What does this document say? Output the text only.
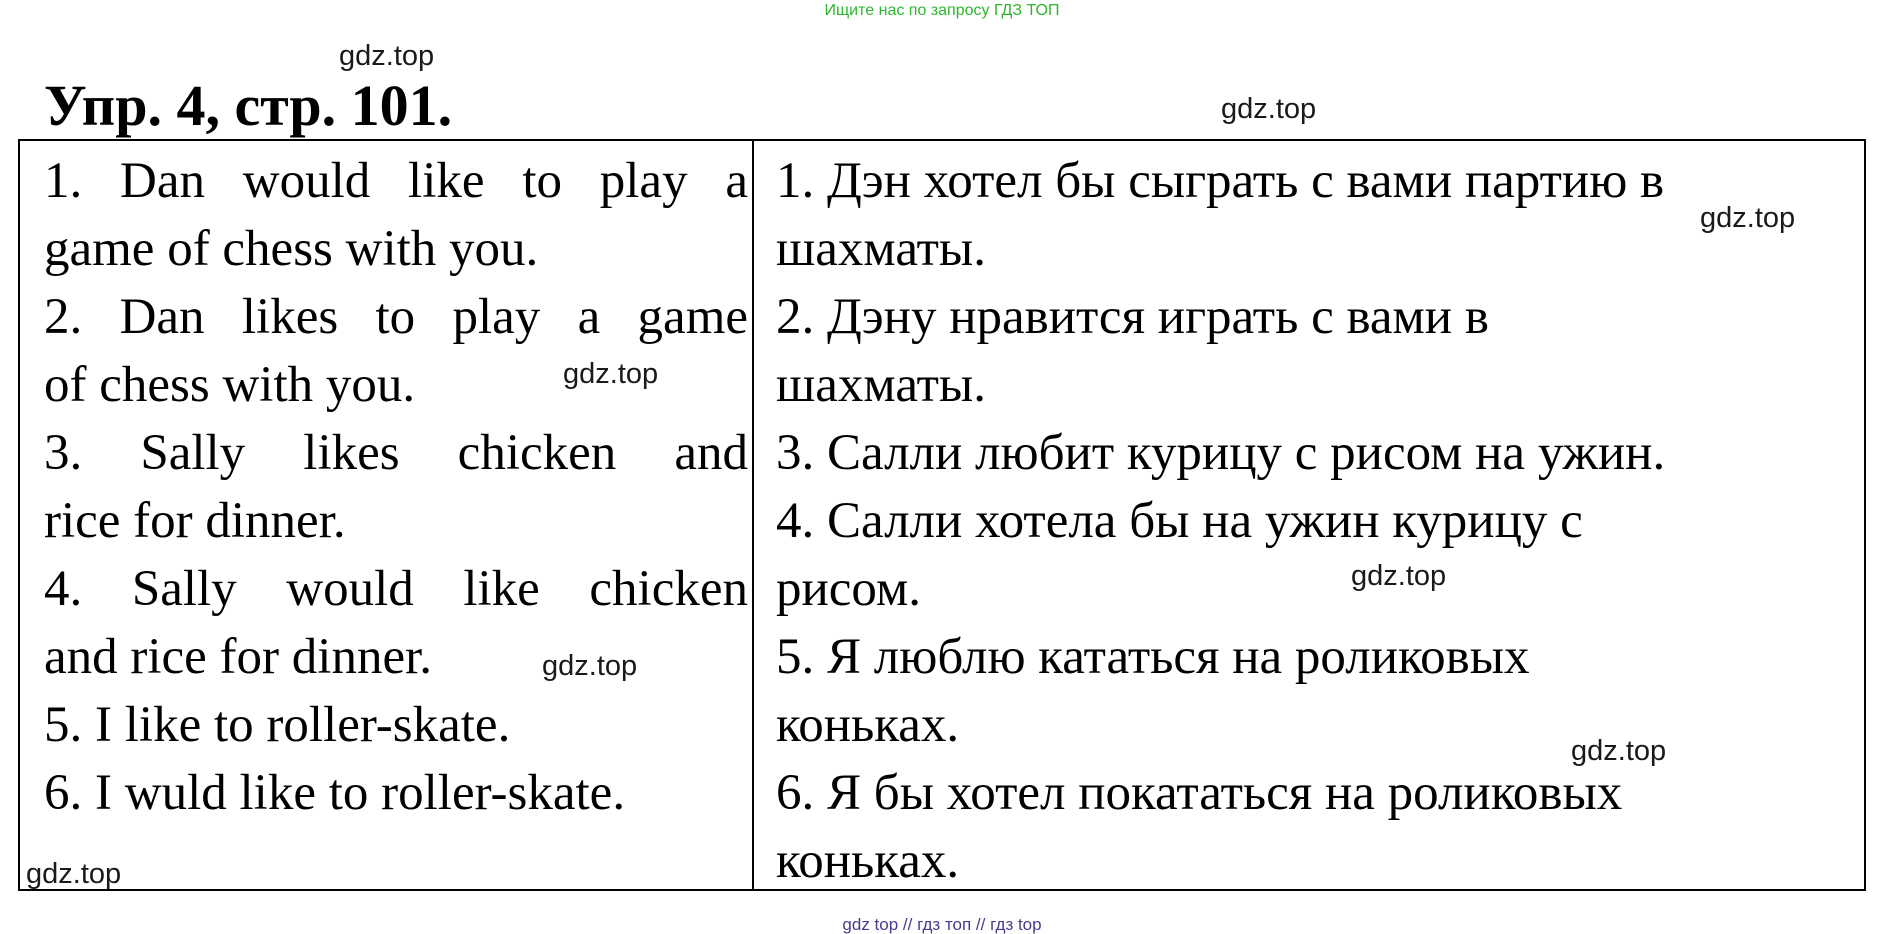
Ищите нас по запросу ГДЗ ТОП
Упр. 4, стр. 101.
1. Dan would like to play a
game of chess with you.
2. Dan likes to play a game
of chess with you.
3. Sally likes chicken and
rice for dinner.
4. Sally would like chicken
and rice for dinner.
5. I like to roller-skate.
6. I wuld like to roller-skate.
1. Дэн хотел бы сыграть с вами партию в
шахматы.
2. Дэну нравится играть с вами в
шахматы.
3. Салли любит курицу с рисом на ужин.
4. Салли хотела бы на ужин курицу с
рисом.
5. Я люблю кататься на роликовых
коньках.
6. Я бы хотел покататься на роликовых
коньках.
gdz.top
gdz.top
gdz.top
gdz.top
gdz.top
gdz.top
gdz.top
gdz.top
gdz top // гдз топ // гдз top
